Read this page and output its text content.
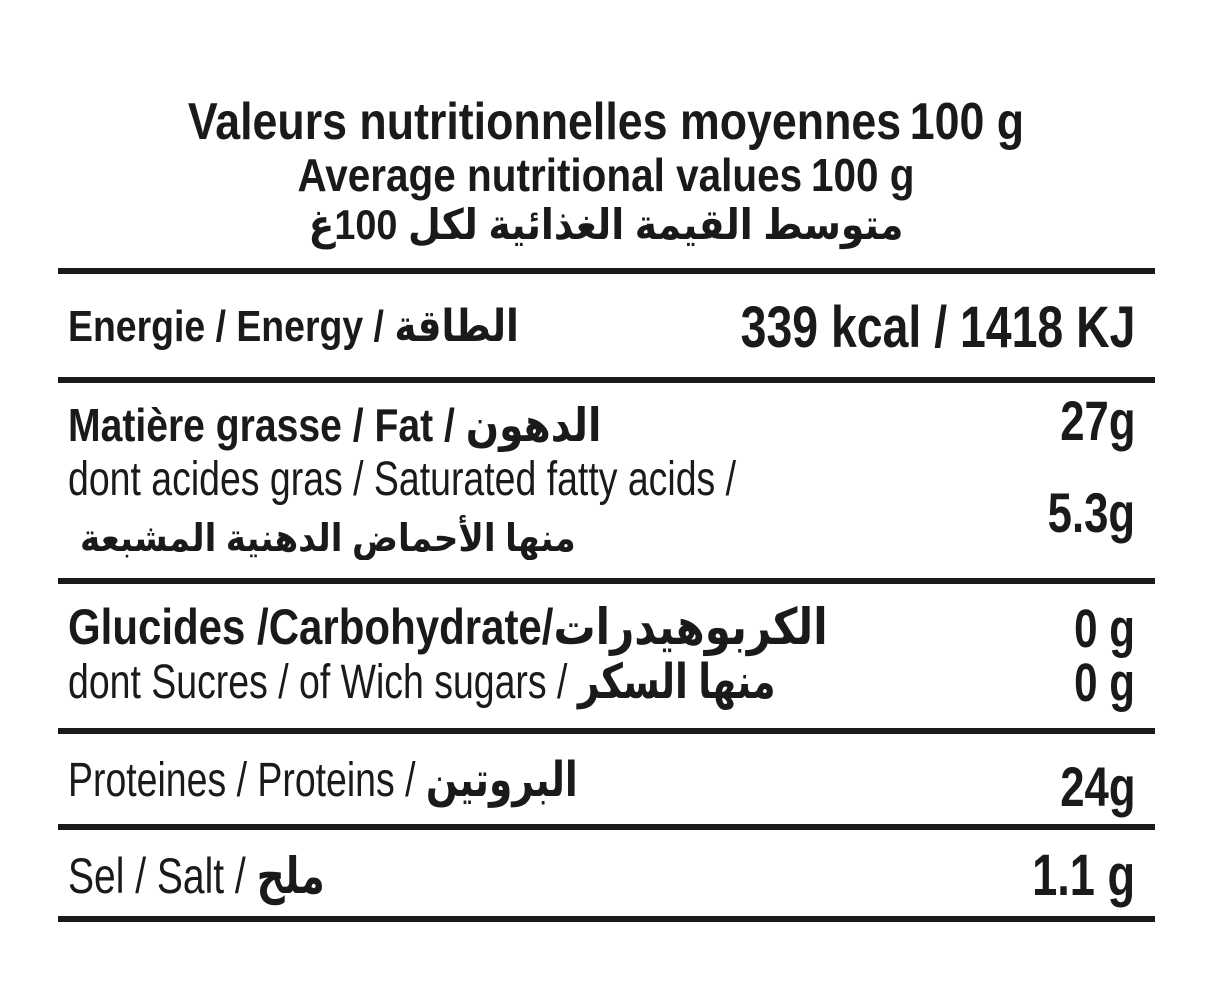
Valeurs nutritionnelles moyennes 100 g
Average nutritional values 100 g
متوسط القيمة الغذائية لكل 100غ
Energie / Energy / الطاقة	339 kcal / 1418 KJ
Matière grasse / Fat / الدهون	27g
dont acides gras / Saturated fatty acids /
منها الأحماض الدهنية المشبعة	5.3g
Glucides /Carbohydrate/الكربوهيدرات	0 g
dont Sucres / of Wich sugars / منها السكر	0 g
Proteines / Proteins / البروتين	24g
Sel / Salt / ملح	1.1 g
